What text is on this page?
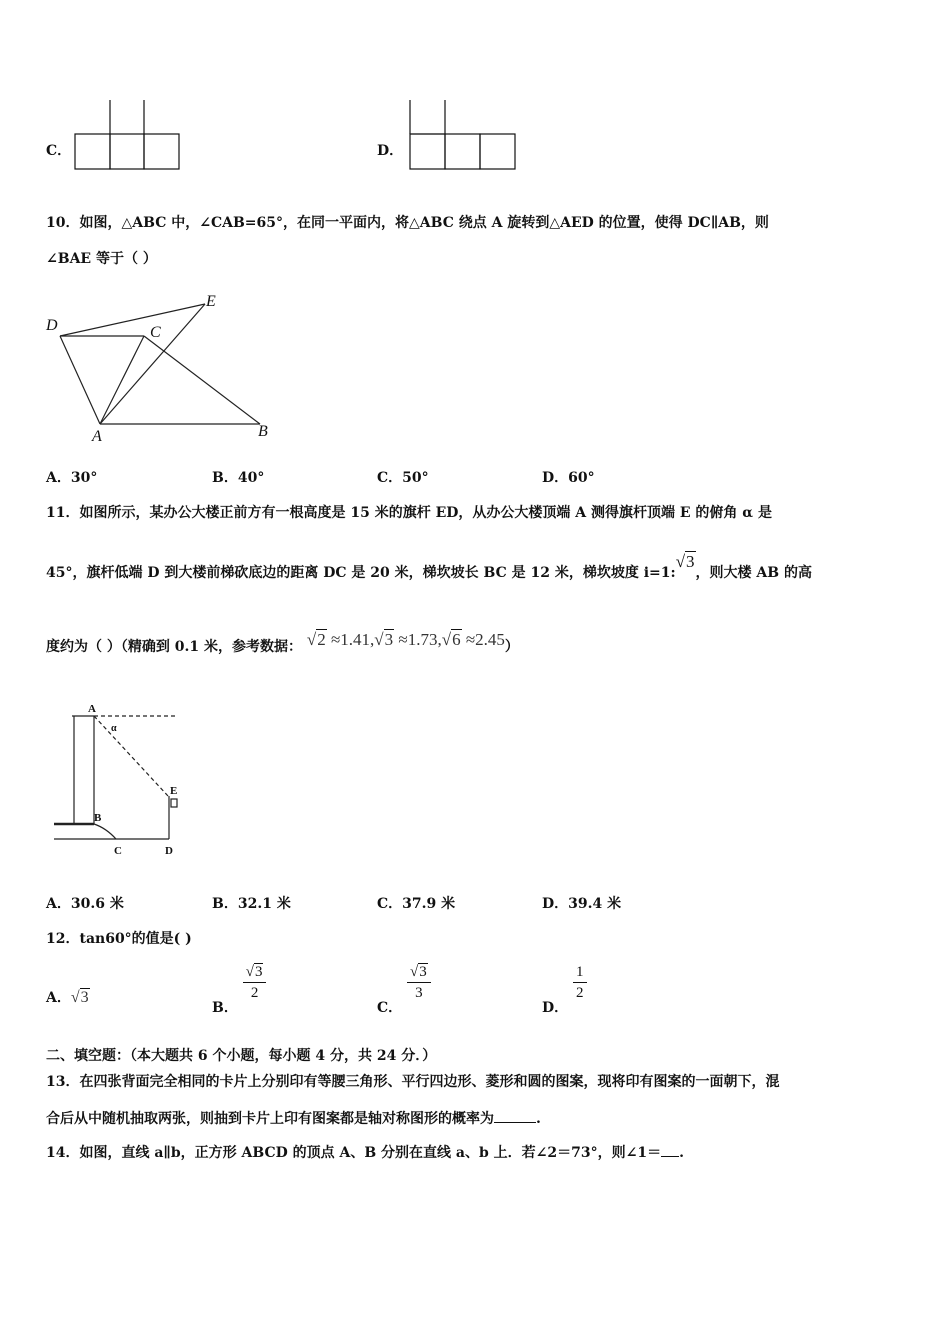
C．	D．
10．如图，△ABC 中，∠CAB=65°，在同一平面内，将△ABC 绕点 A 旋转到△AED 的位置，使得 DC∥AB，则
∠BAE 等于（ ）
D	C
E
A	B
A．30°	B．40°	C．50°	D．60°
11．如图所示，某办公大楼正前方有一根高度是 15 米的旗杆 ED，从办公大楼顶端 A 测得旗杆顶端 E 的俯角 α 是
45°，旗杆低端 D 到大楼前梯砍底边的距离 DC 是 20 米，梯坎坡长 BC 是 12 米，梯坎坡度 i=1:√3，则大楼 AB 的高
度约为（ ）（精确到 0.1 米，参考数据： √2 ≈1.41,√3 ≈1.73,√6 ≈2.45）
A
α
E
B
C	D
A．30.6 米	B．32.1 米	C．37.9 米	D．39.4 米
12．tan60°的值是( )
A．√3
B．
$\frac{√3}{2}$
C．
$\frac{√3}{3}$
D．
$\frac{1}{2}$
二、填空题：（本大题共 6 个小题，每小题 4 分，共 24 分．）
13．在四张背面完全相同的卡片上分别印有等腰三角形、平行四边形、菱形和圆的图案，现将印有图案的一面朝下，混
合后从中随机抽取两张，则抽到卡片上印有图案都是轴对称图形的概率为	.
14．如图，直线 a∥b，正方形 ABCD 的顶点 A、B 分别在直线 a、b 上．若∠2＝73°，则∠1＝ .
